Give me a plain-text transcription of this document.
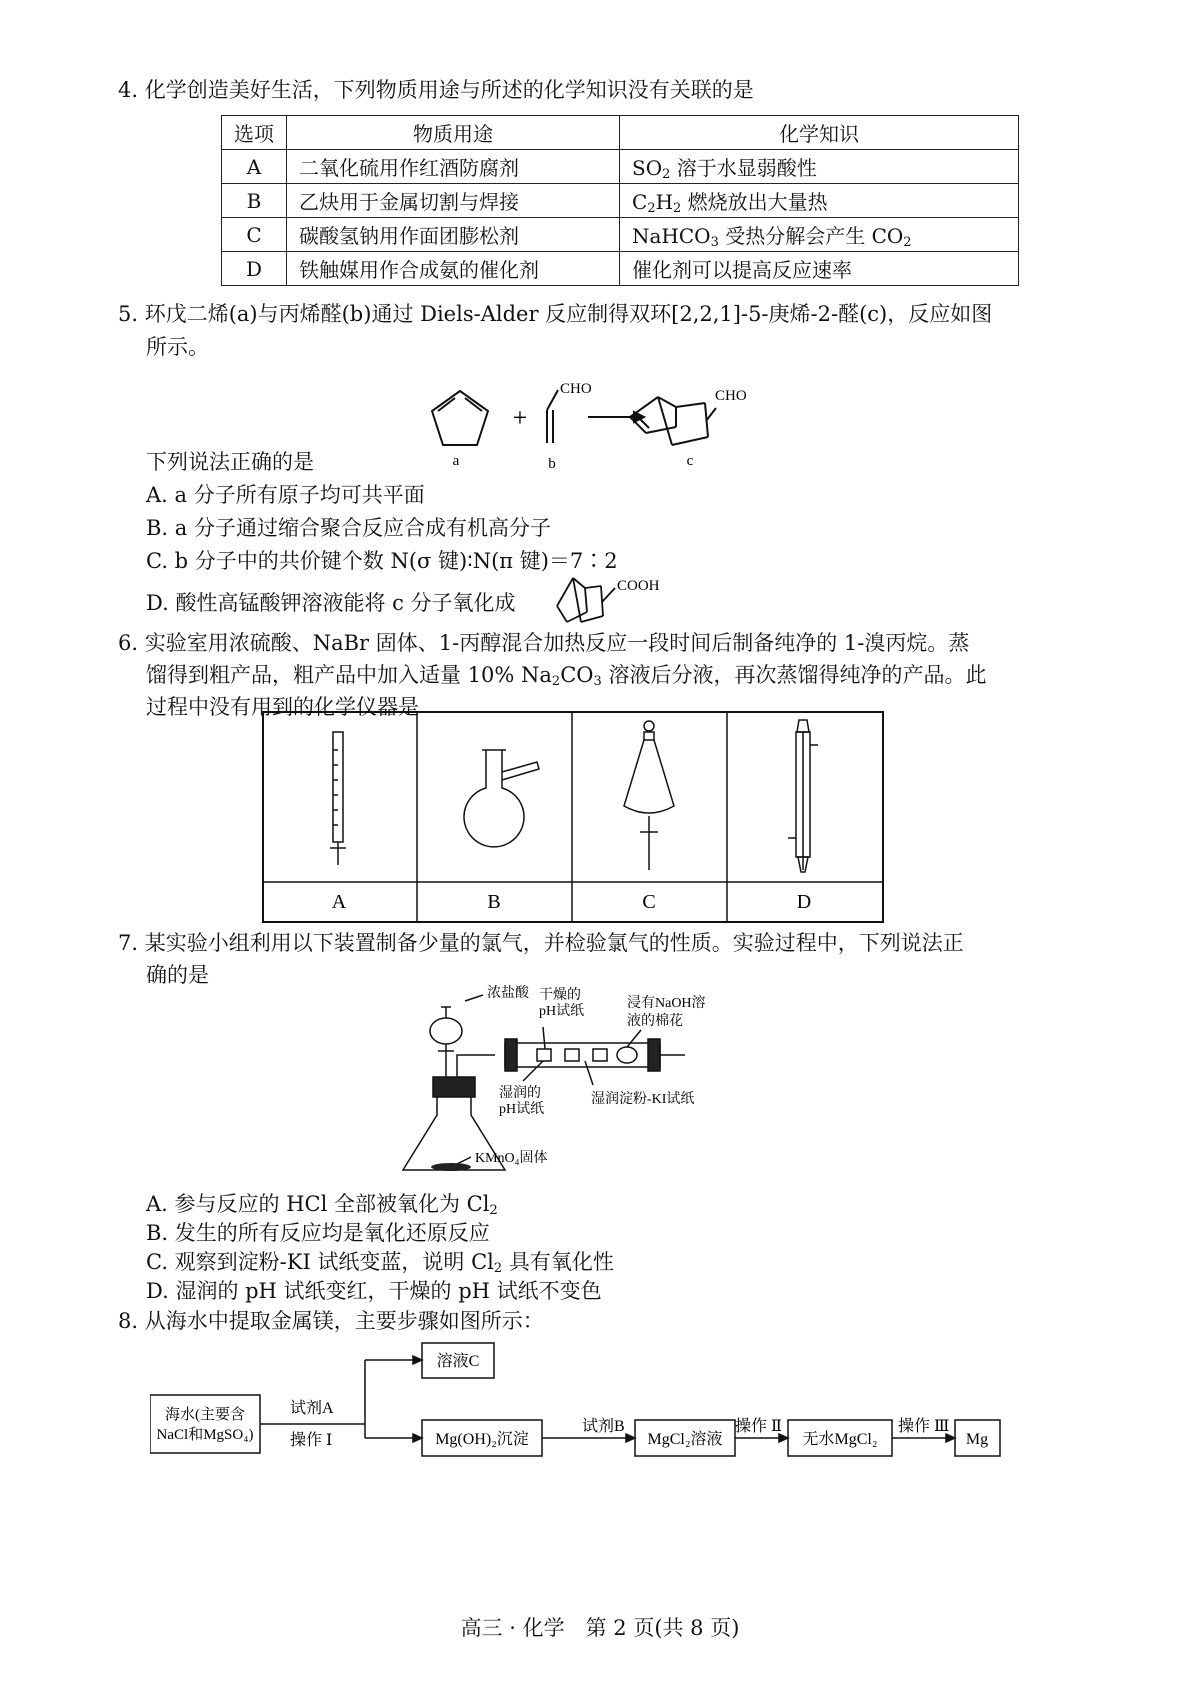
4. 化学创造美好生活，下列物质用途与所述的化学知识没有关联的是
选项	物质用途	化学知识
A	二氧化硫用作红酒防腐剂	$SO_2$ 溶于水显弱酸性
B	乙炔用于金属切割与焊接	$C_2H_2$ 燃烧放出大量热
C	碳酸氢钠用作面团膨松剂	NaHCO$_3$ 受热分解会产生 $CO_2$
D	铁触媒用作合成氨的催化剂	催化剂可以提高反应速率
5. 环戊二烯(a)与丙烯醛(b)通过 Diels-Alder 反应制得双环[2,2,1]-5-庚烯-2-醛(c)，反应如图
所示。
a
+
CHO
b
CHO
c
下列说法正确的是
A. a 分子所有原子均可共平面
B. a 分子通过缩合聚合反应合成有机高分子
C. b 分子中的共价键个数 N(σ 键)∶N(π 键)＝7∶2
D. 酸性高锰酸钾溶液能将 c 分子氧化成
COOH
6. 实验室用浓硫酸、NaBr 固体、1-丙醇混合加热反应一段时间后制备纯净的 1-溴丙烷。蒸
馏得到粗产品，粗产品中加入适量 10% $Na_2CO_3$ 溶液后分液，再次蒸馏得纯净的产品。此
过程中没有用到的化学仪器是
A	B	C	D
7. 某实验小组利用以下装置制备少量的氯气，并检验氯气的性质。实验过程中，下列说法正
确的是
浓盐酸 干燥的
pH试纸
浸有NaOH溶
液的棉花
湿润的
pH试纸
湿润淀粉-KI试纸
KMnO₄固体
A. 参与反应的 HCl 全部被氧化为 $Cl_2$
B. 发生的所有反应均是氧化还原反应
C. 观察到淀粉-KI 试纸变蓝，说明 $Cl_2$ 具有氧化性
D. 湿润的 pH 试纸变红，干燥的 pH 试纸不变色
8. 从海水中提取金属镁，主要步骤如图所示：
海水(主要含
NaCl和MgSO₄)
试剂A
操作 Ⅰ
溶液C
Mg(OH)₂沉淀
试剂B
MgCl₂溶液
操作 Ⅱ
无水MgCl₂
操作 Ⅲ
Mg
高三 · 化学　第 2 页(共 8 页)
